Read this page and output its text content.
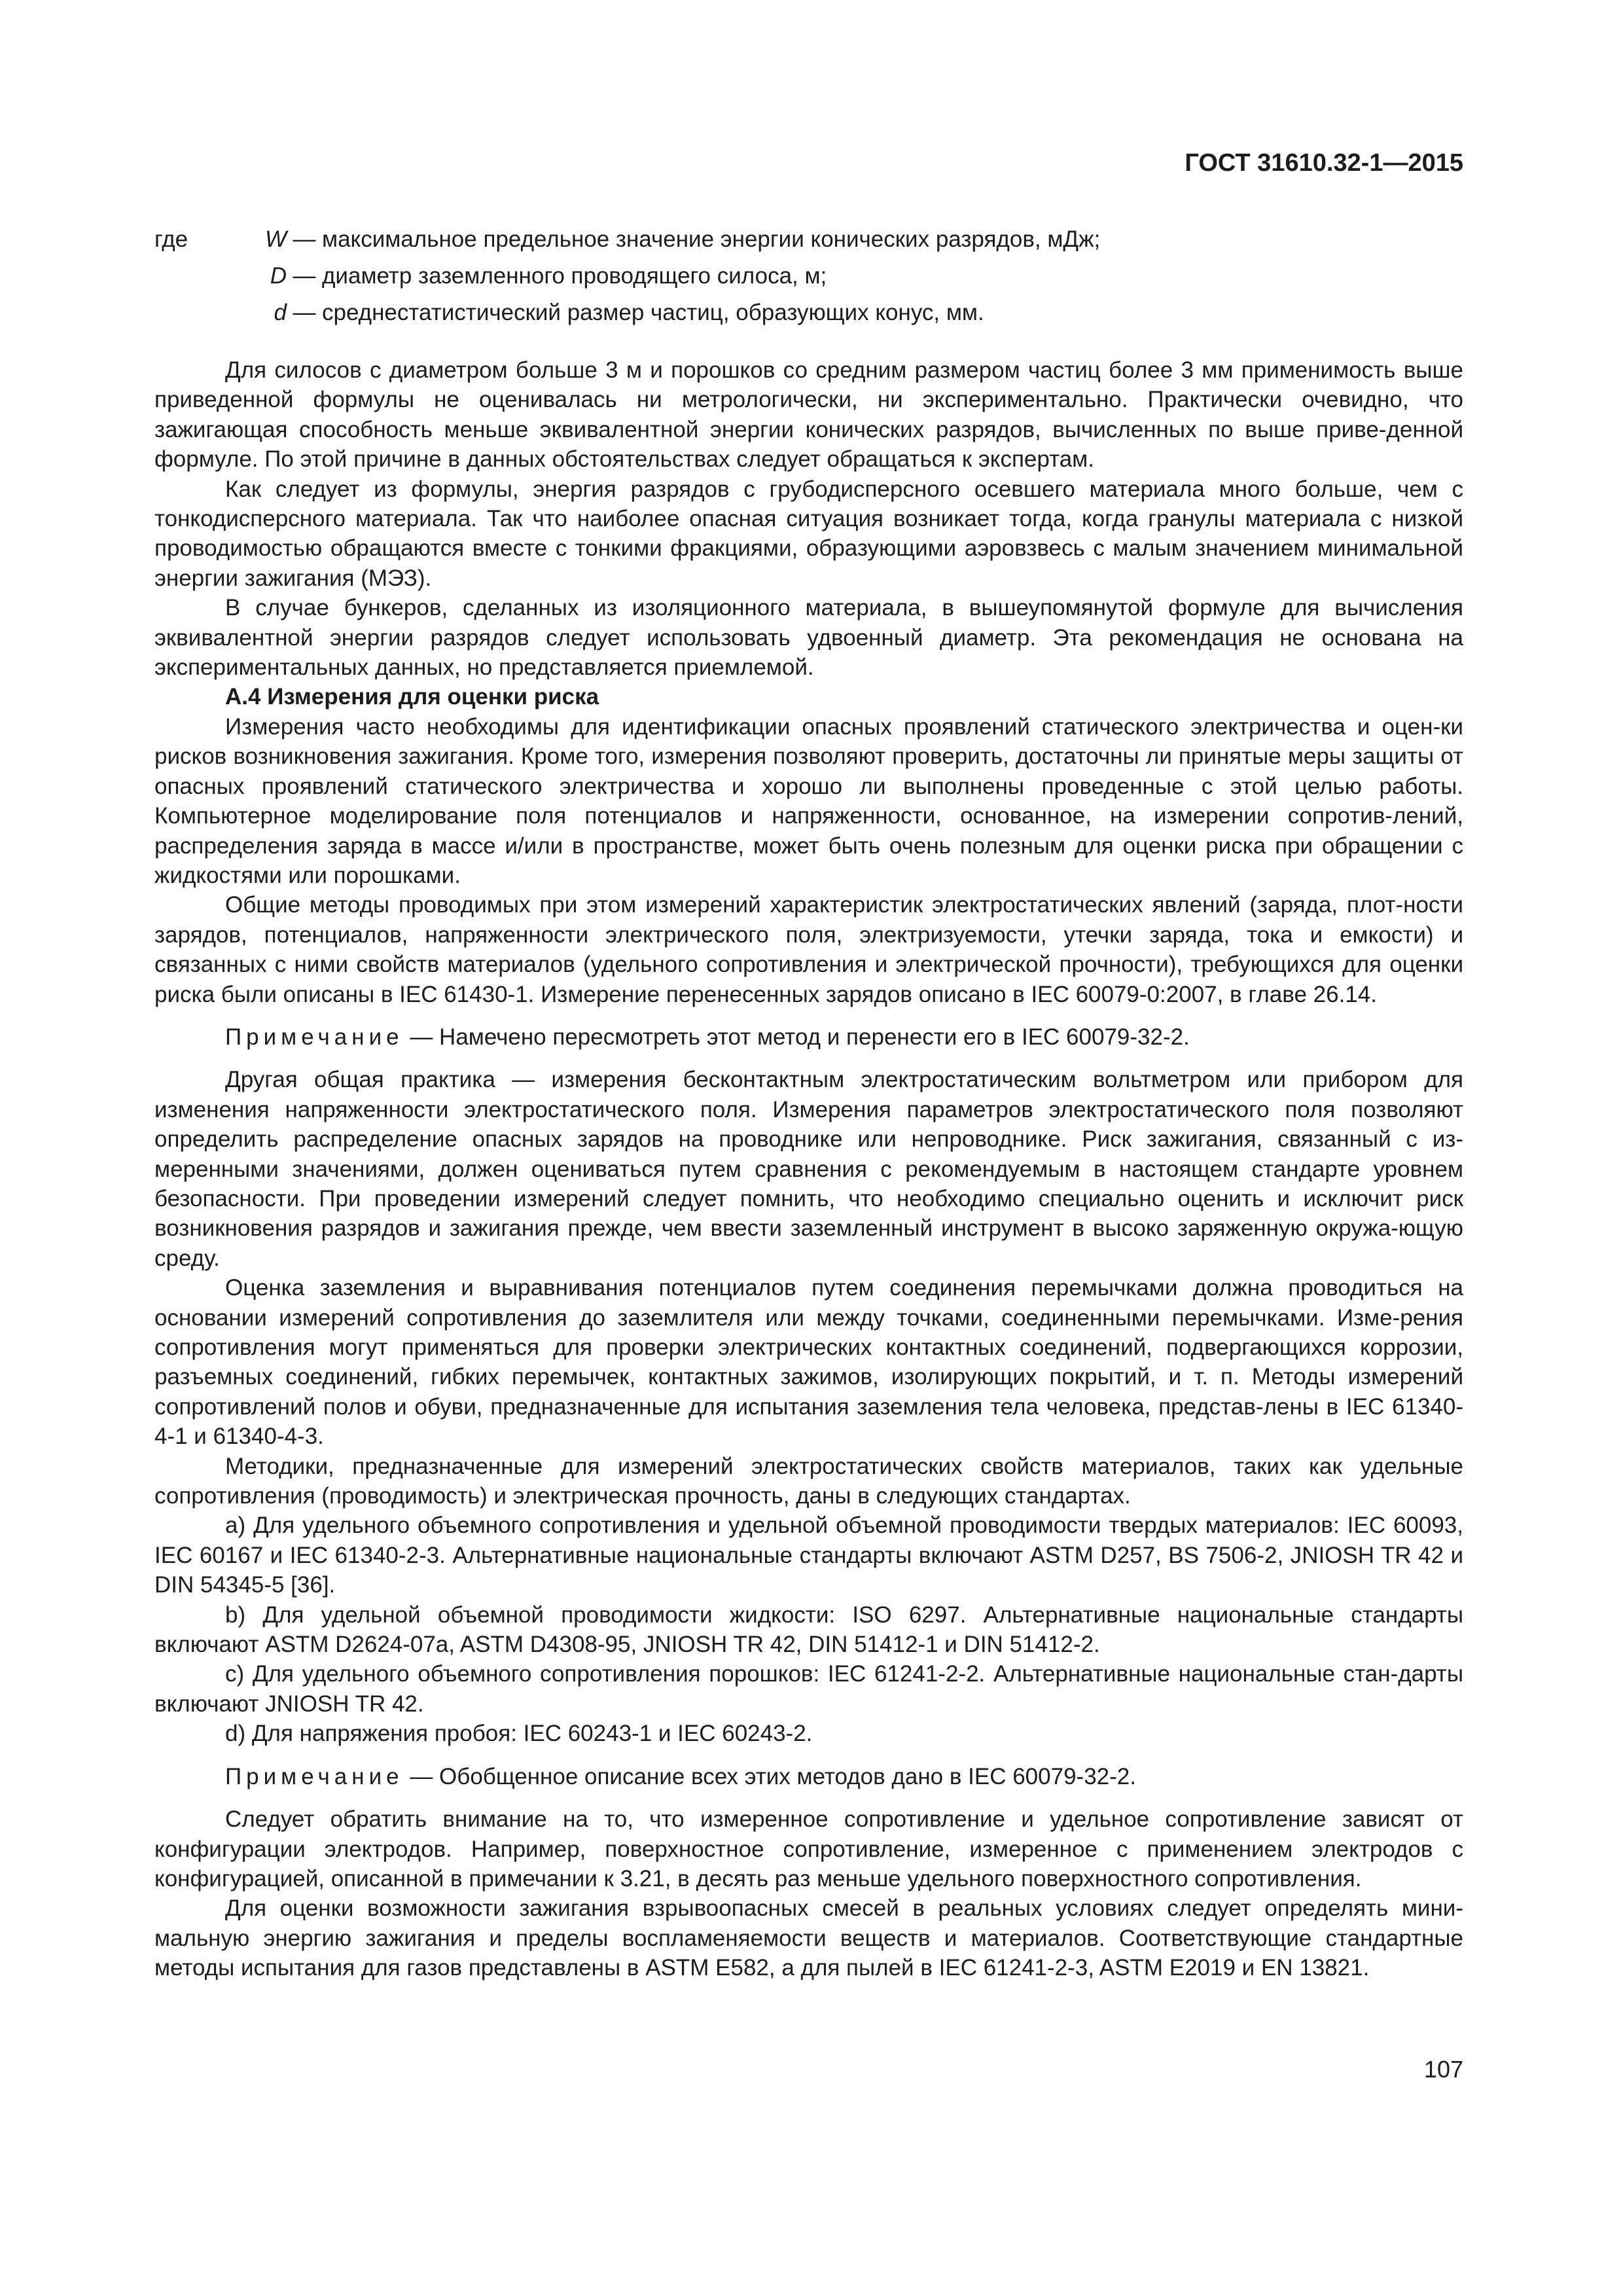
ГОСТ 31610.32-1—2015
где	W — максимальное предельное значение энергии конических разрядов, мДж;
D — диаметр заземленного проводящего силоса, м;
d — среднестатистический размер частиц, образующих конус, мм.

Для силосов с диаметром больше 3 м и порошков со средним размером частиц более 3 мм применимость выше приведенной формулы не оценивалась ни метрологически, ни экспериментально. Практически очевидно, что зажигающая способность меньше эквивалентной энергии конических разрядов, вычисленных по выше приве-денной формуле. По этой причине в данных обстоятельствах следует обращаться к экспертам.

Как следует из формулы, энергия разрядов с грубодисперсного осевшего материала много больше, чем с тонкодисперсного материала. Так что наиболее опасная ситуация возникает тогда, когда гранулы материала с низкой проводимостью обращаются вместе с тонкими фракциями, образующими аэровзвесь с малым значением минимальной энергии зажигания (МЭЗ).

В случае бункеров, сделанных из изоляционного материала, в вышеупомянутой формуле для вычисления эквивалентной энергии разрядов следует использовать удвоенный диаметр. Эта рекомендация не основана на экспериментальных данных, но представляется приемлемой.

А.4 Измерения для оценки риска

Измерения часто необходимы для идентификации опасных проявлений статического электричества и оцен-ки рисков возникновения зажигания. Кроме того, измерения позволяют проверить, достаточны ли принятые меры защиты от опасных проявлений статического электричества и хорошо ли выполнены проведенные с этой целью работы. Компьютерное моделирование поля потенциалов и напряженности, основанное, на измерении сопротив-лений, распределения заряда в массе и/или в пространстве, может быть очень полезным для оценки риска при обращении с жидкостями или порошками.

Общие методы проводимых при этом измерений характеристик электростатических явлений (заряда, плот-ности зарядов, потенциалов, напряженности электрического поля, электризуемости, утечки заряда, тока и емкости) и связанных с ними свойств материалов (удельного сопротивления и электрической прочности), требующихся для оценки риска были описаны в IEC 61430-1. Измерение перенесенных зарядов описано в IEC 60079-0:2007, в главе 26.14.

Примечание — Намечено пересмотреть этот метод и перенести его в IEC 60079-32-2.

Другая общая практика — измерения бесконтактным электростатическим вольтметром или прибором для изменения напряженности электростатического поля. Измерения параметров электростатического поля позволяют определить распределение опасных зарядов на проводнике или непроводнике. Риск зажигания, связанный с из-меренными значениями, должен оцениваться путем сравнения с рекомендуемым в настоящем стандарте уровнем безопасности. При проведении измерений следует помнить, что необходимо специально оценить и исключит риск возникновения разрядов и зажигания прежде, чем ввести заземленный инструмент в высоко заряженную окружа-ющую среду.

Оценка заземления и выравнивания потенциалов путем соединения перемычками должна проводиться на основании измерений сопротивления до заземлителя или между точками, соединенными перемычками. Изме-рения сопротивления могут применяться для проверки электрических контактных соединений, подвергающихся коррозии, разъемных соединений, гибких перемычек, контактных зажимов, изолирующих покрытий, и т. п. Методы измерений сопротивлений полов и обуви, предназначенные для испытания заземления тела человека, представ-лены в IEC 61340-4-1 и 61340-4-3.

Методики, предназначенные для измерений электростатических свойств материалов, таких как удельные сопротивления (проводимость) и электрическая прочность, даны в следующих стандартах.

a) Для удельного объемного сопротивления и удельной объемной проводимости твердых материалов: IEC 60093, IEC 60167 и IEC 61340-2-3. Альтернативные национальные стандарты включают ASTM D257, BS 7506-2, JNIOSH TR 42 и DIN 54345-5 [36].

b) Для удельной объемной проводимости жидкости: ISO 6297. Альтернативные национальные стандарты включают ASTM D2624-07a, ASTM D4308-95, JNIOSH TR 42, DIN 51412-1 и DIN 51412-2.

c) Для удельного объемного сопротивления порошков: IEC 61241-2-2. Альтернативные национальные стан-дарты включают JNIOSH TR 42.

d) Для напряжения пробоя: IEC 60243-1 и IEC 60243-2.

Примечание — Обобщенное описание всех этих методов дано в IEC 60079-32-2.

Следует обратить внимание на то, что измеренное сопротивление и удельное сопротивление зависят от конфигурации электродов. Например, поверхностное сопротивление, измеренное с применением электродов с конфигурацией, описанной в примечании к 3.21, в десять раз меньше удельного поверхностного сопротивления.

Для оценки возможности зажигания взрывоопасных смесей в реальных условиях следует определять мини-мальную энергию зажигания и пределы воспламеняемости веществ и материалов. Соответствующие стандартные методы испытания для газов представлены в ASTM E582, а для пылей в IEC 61241-2-3, ASTM E2019 и EN 13821.

107
